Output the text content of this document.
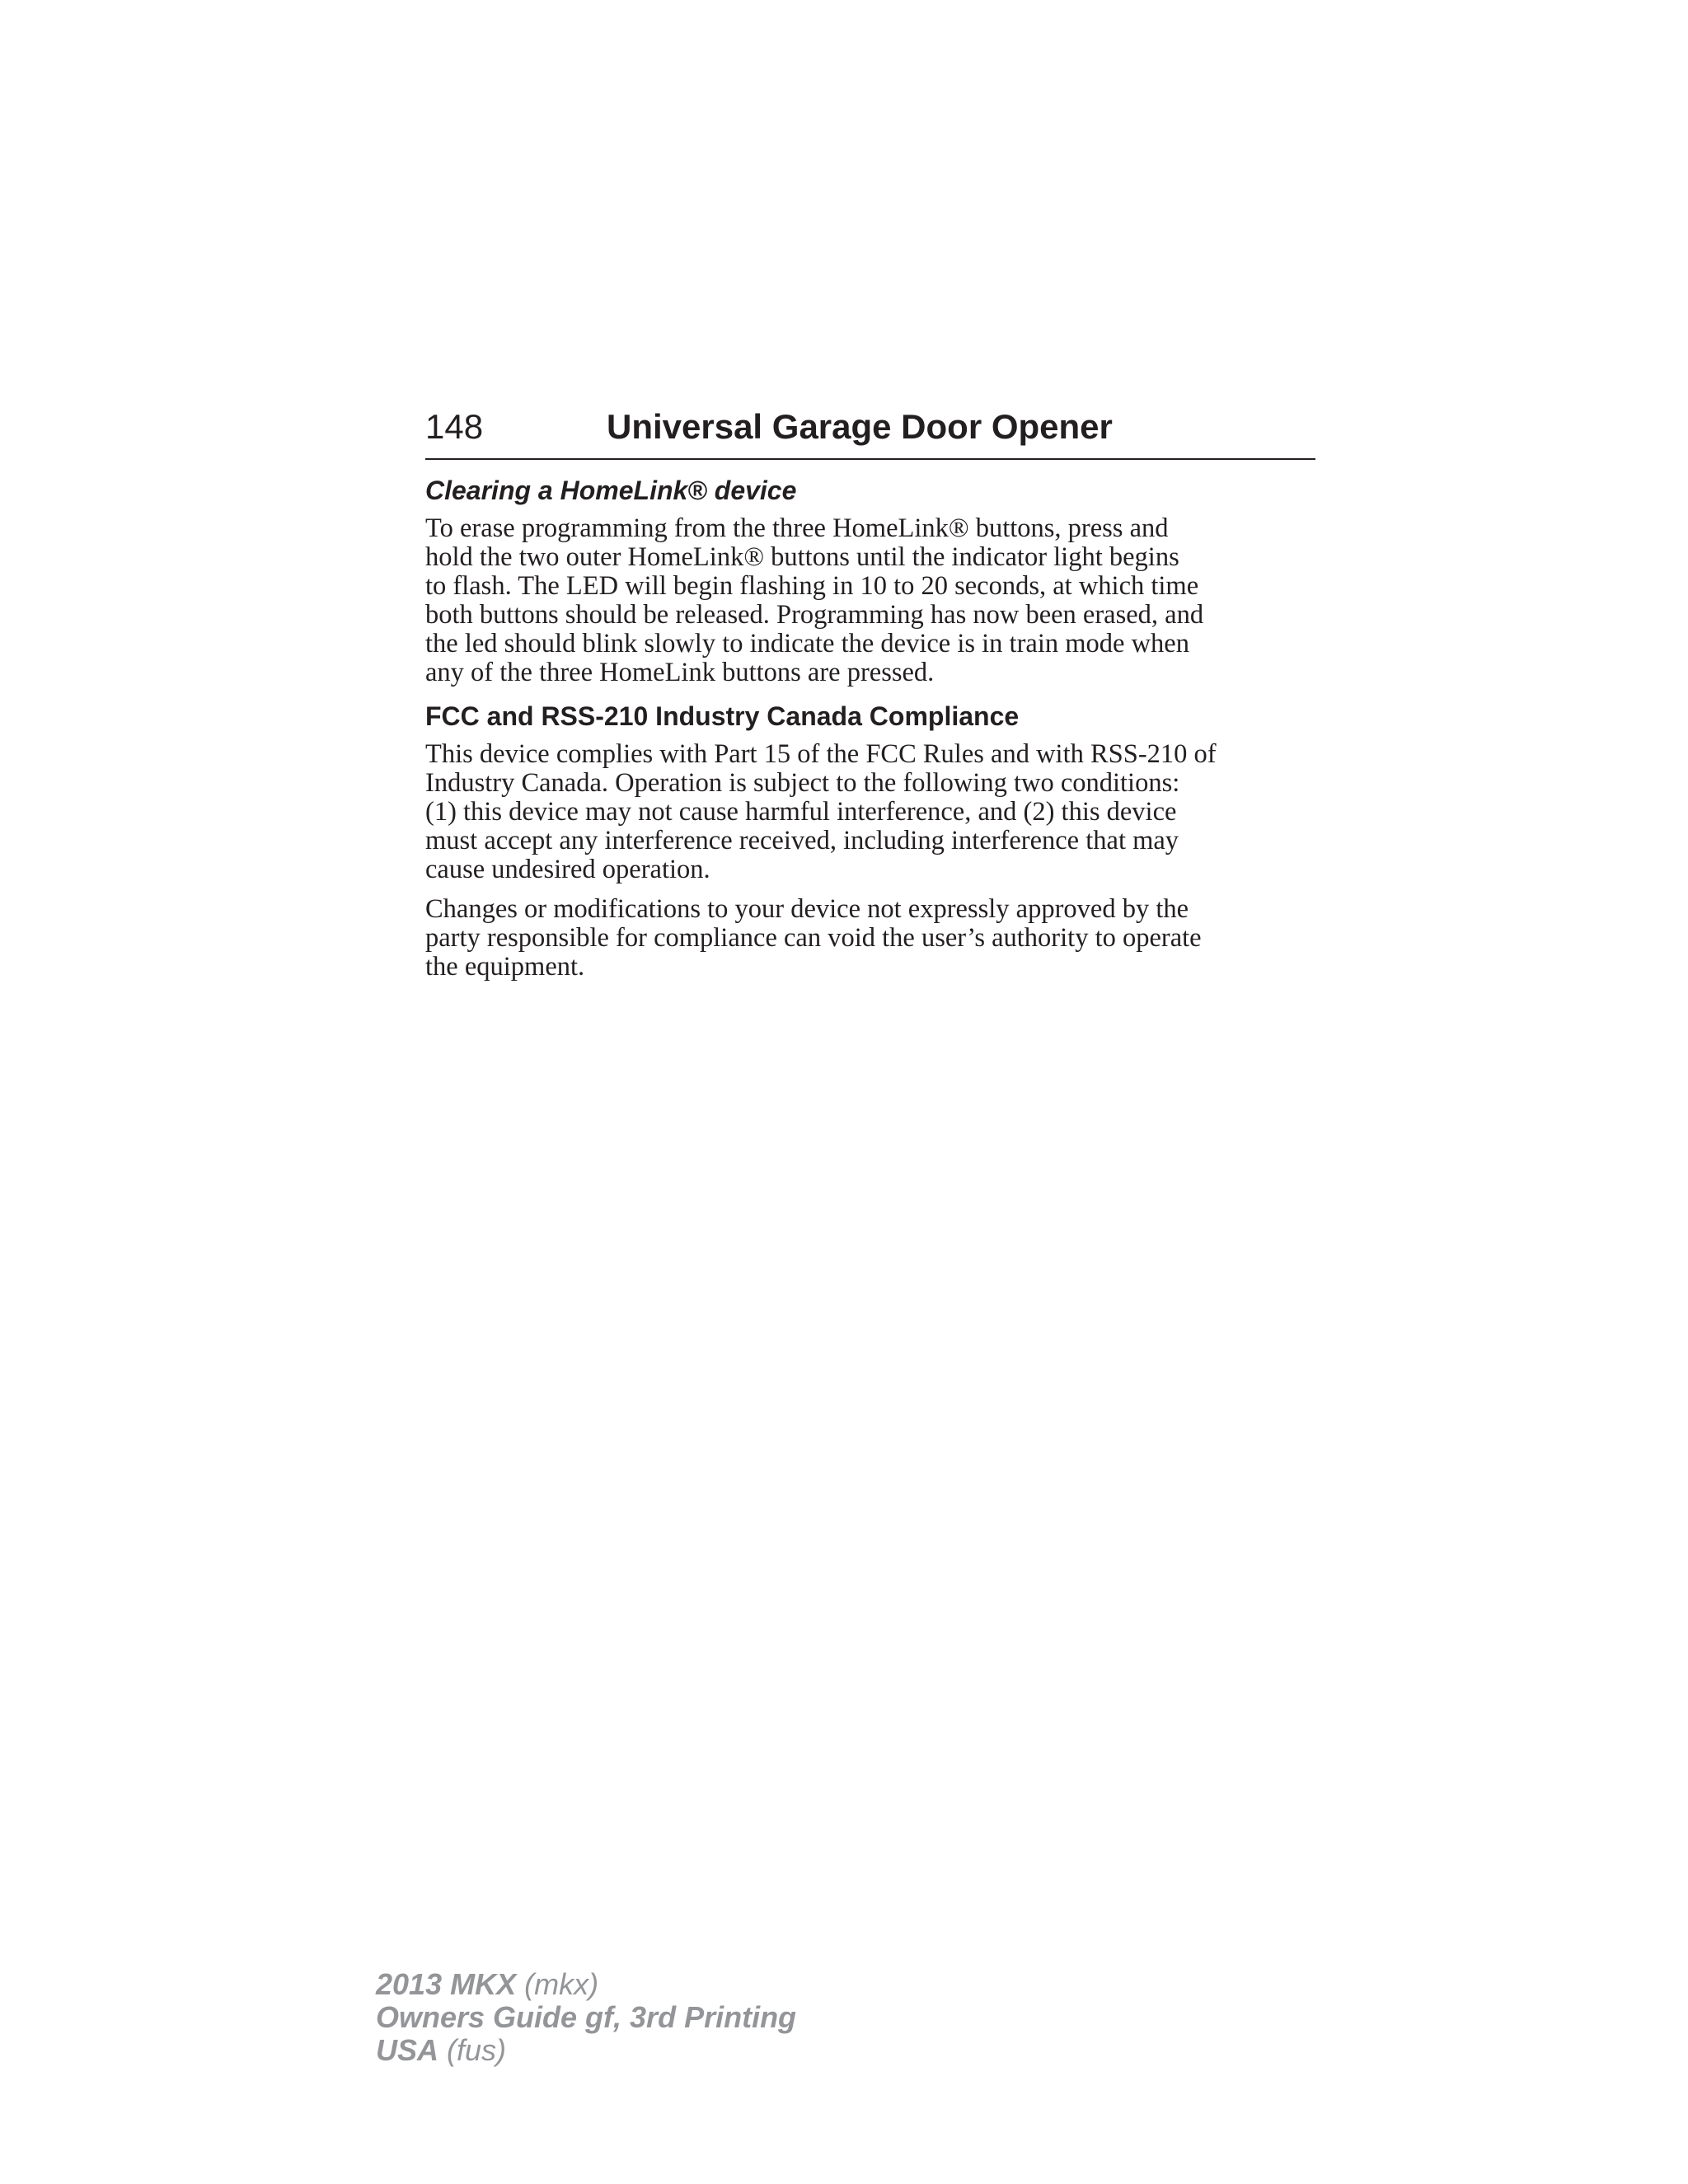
148	Universal Garage Door Opener
Clearing a HomeLink® device

To erase programming from the three HomeLink® buttons, press and
hold the two outer HomeLink® buttons until the indicator light begins
to flash. The LED will begin flashing in 10 to 20 seconds, at which time
both buttons should be released. Programming has now been erased, and
the led should blink slowly to indicate the device is in train mode when
any of the three HomeLink buttons are pressed.

FCC and RSS-210 Industry Canada Compliance

This device complies with Part 15 of the FCC Rules and with RSS-210 of
Industry Canada. Operation is subject to the following two conditions:
(1) this device may not cause harmful interference, and (2) this device
must accept any interference received, including interference that may
cause undesired operation.

Changes or modifications to your device not expressly approved by the
party responsible for compliance can void the user’s authority to operate
the equipment.

2013 MKX (mkx)
Owners Guide gf, 3rd Printing
USA (fus)
